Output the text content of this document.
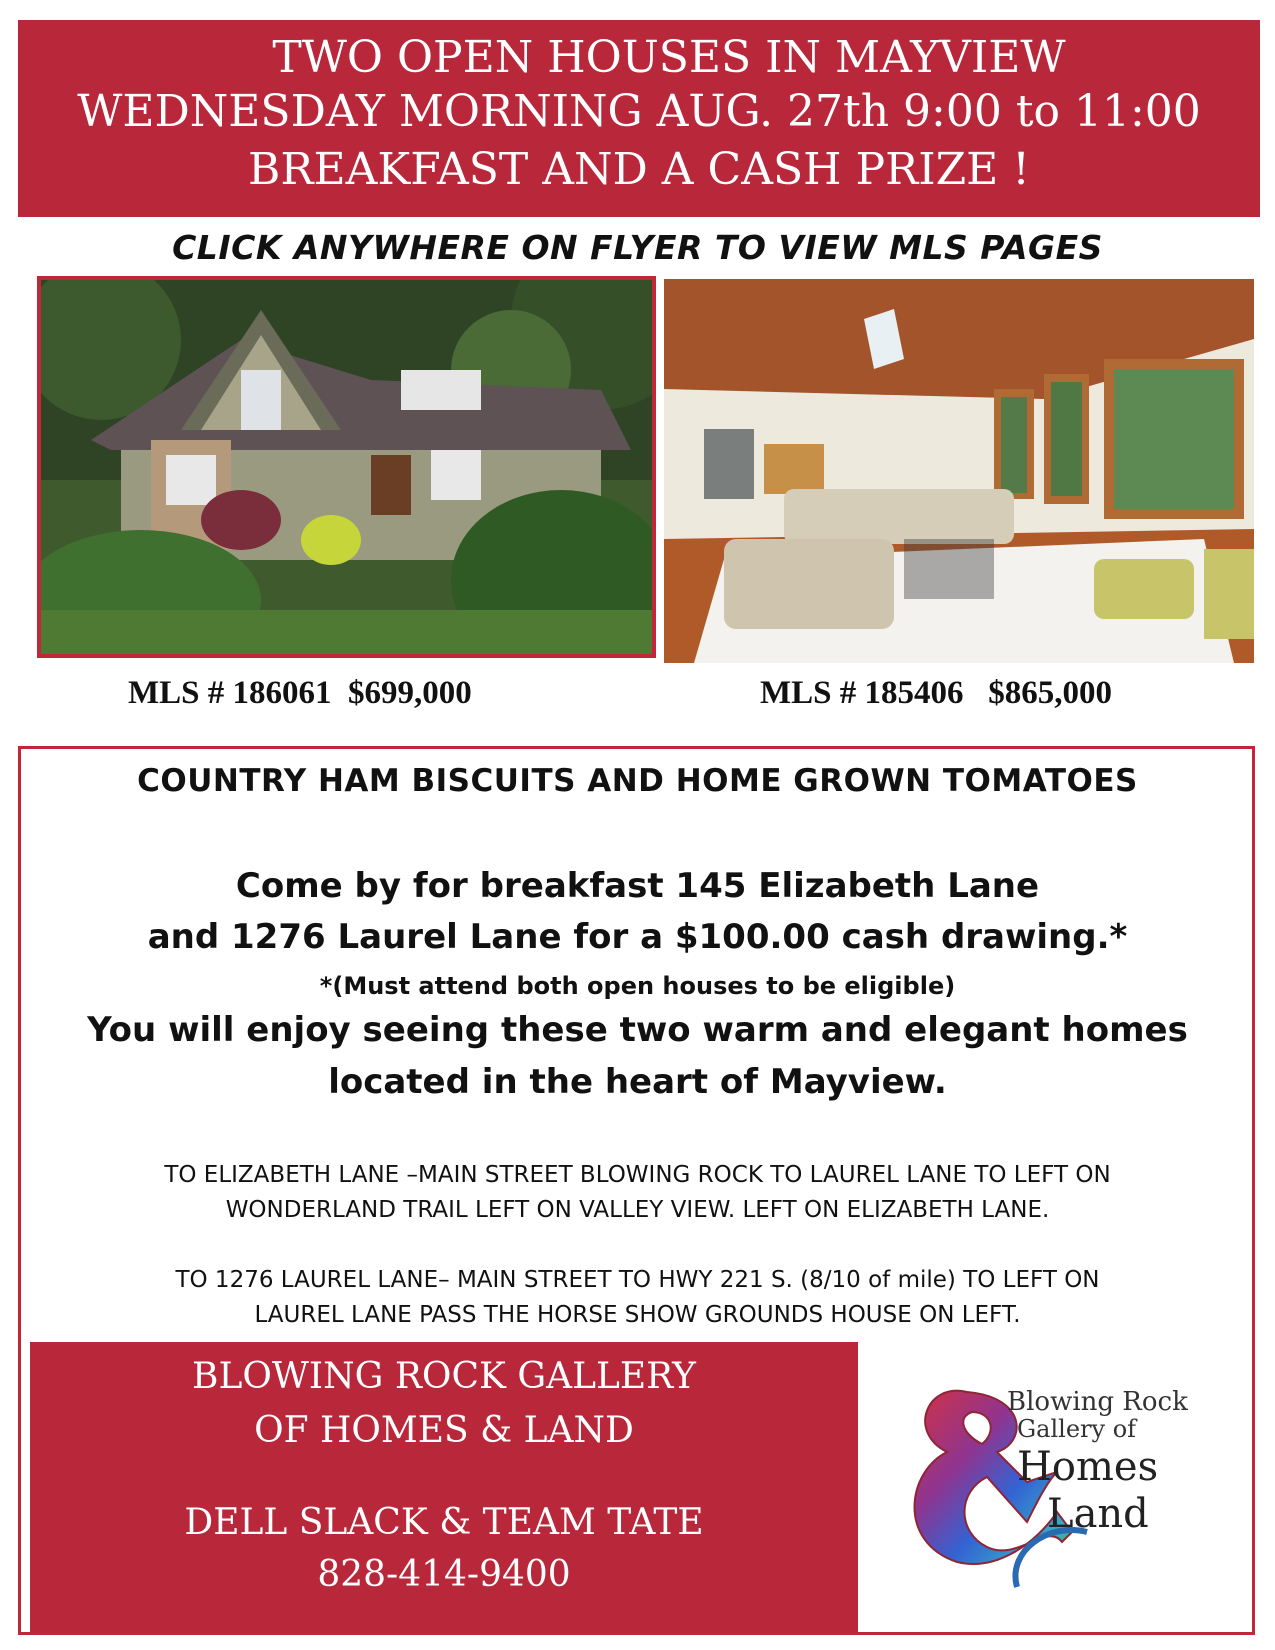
TWO OPEN HOUSES IN MAYVIEW
WEDNESDAY MORNING AUG. 27th 9:00 to 11:00
BREAKFAST AND A CASH PRIZE !
CLICK ANYWHERE ON FLYER TO VIEW MLS PAGES
MLS # 186061  $699,000	MLS # 185406   $865,000
COUNTRY HAM BISCUITS AND HOME GROWN TOMATOES
Come by for breakfast 145 Elizabeth Lane
and 1276 Laurel Lane for a $100.00 cash drawing.*
*(Must attend both open houses to be eligible)
You will enjoy seeing these two warm and elegant homes
located in the heart of Mayview.
TO ELIZABETH LANE –MAIN STREET BLOWING ROCK TO LAUREL LANE TO LEFT ON
WONDERLAND TRAIL LEFT ON VALLEY VIEW. LEFT ON ELIZABETH LANE.
TO 1276 LAUREL LANE– MAIN STREET TO HWY 221 S. (8/10 of mile) TO LEFT ON
LAUREL LANE PASS THE HORSE SHOW GROUNDS HOUSE ON LEFT.
BLOWING ROCK GALLERY
OF HOMES & LAND
DELL SLACK & TEAM TATE
828-414-9400
Blowing Rock
Gallery of
Homes
Land
